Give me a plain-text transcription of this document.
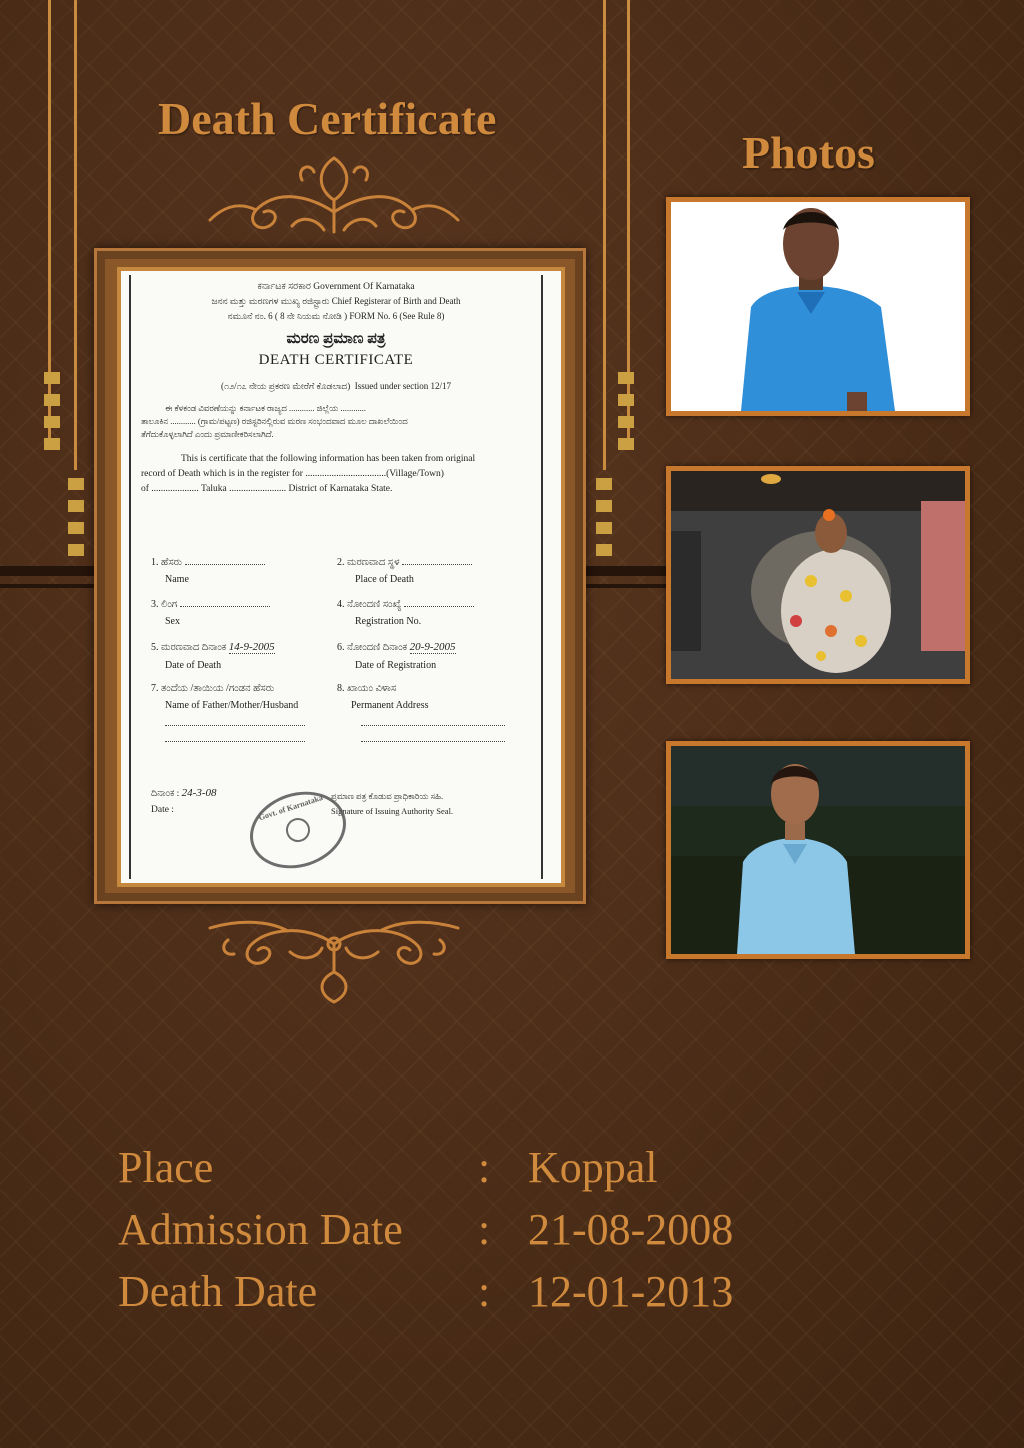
Death Certificate
Photos
ಕರ್ನಾಟಕ ಸರಕಾರ Government Of Karnataka
ಜನನ ಮತ್ತು ಮರಣಗಳ ಮುಖ್ಯ ರಜಿಸ್ಟ್ರಾರು Chief Registerar of Birth and Death
ನಮೂನೆ ನಂ. 6 ( 8 ನೇ ನಿಯಮ ನೋಡಿ ) FORM No. 6 (See Rule 8)
ಮರಣ ಪ್ರಮಾಣ ಪತ್ರ
DEATH CERTIFICATE
(೧೨/೧೭ ನೇಯ ಪ್ರಕರಣ ಮೇರೆಗೆ ಕೊಡಲಾದ) Issued under section 12/17
ಈ ಕೆಳಕಂಡ ವಿವರಣೆಯನ್ನು ಕರ್ನಾಟಕ ರಾಜ್ಯದ ............ ಜಿಲ್ಲೆಯ ............
ತಾಲೂಕಿನ ............ (ಗ್ರಾಮ/ಪಟ್ಟಣ) ರಜಿಸ್ಟರಿನಲ್ಲಿರುವ ಮರಣ ಸಂಭಂದವಾದ ಮೂಲ ದಾಖಲೆಯಿಂದ
ತೆಗೆದುಕೊಳ್ಳಲಾಗಿದೆ ಎಂದು ಪ್ರಮಾಣೀಕರಿಸಲಾಗಿದೆ.
This is certificate that the following information has been taken from original
record of Death which is in the register for ..................................(Village/Town)
of .................... Taluka ........................ District of Karnataka State.
1. ಹೆಸರು
Name
2. ಮರಣವಾದ ಸ್ಥಳ
Place of Death
3. ಲಿಂಗ
Sex
4. ನೋಂದಣಿ ಸಂಖ್ಯೆ
Registration No.
5. ಮರಣವಾದ ದಿನಾಂಕ 14-9-2005
Date of Death
6. ನೋಂದಣಿ ದಿನಾಂಕ 20-9-2005
Date of Registration
7. ತಂದೆಯ /ತಾಯಿಯ /ಗಂಡನ ಹೆಸರು
Name of Father/Mother/Husband

8. ಖಾಯಂ ವಿಳಾಸ
Permanent Address

ದಿನಾಂಕ : 24-3-08
Date :
ಪ್ರಮಾಣ ಪತ್ರ ಕೊಡುವ ಪ್ರಾಧಿಕಾರಿಯ ಸಹಿ.
Signature of Issuing Authority Seal.
Govt. of Karnataka
Place	: Koppal
Admission Date : 21-08-2008
Death Date	: 12-01-2013
